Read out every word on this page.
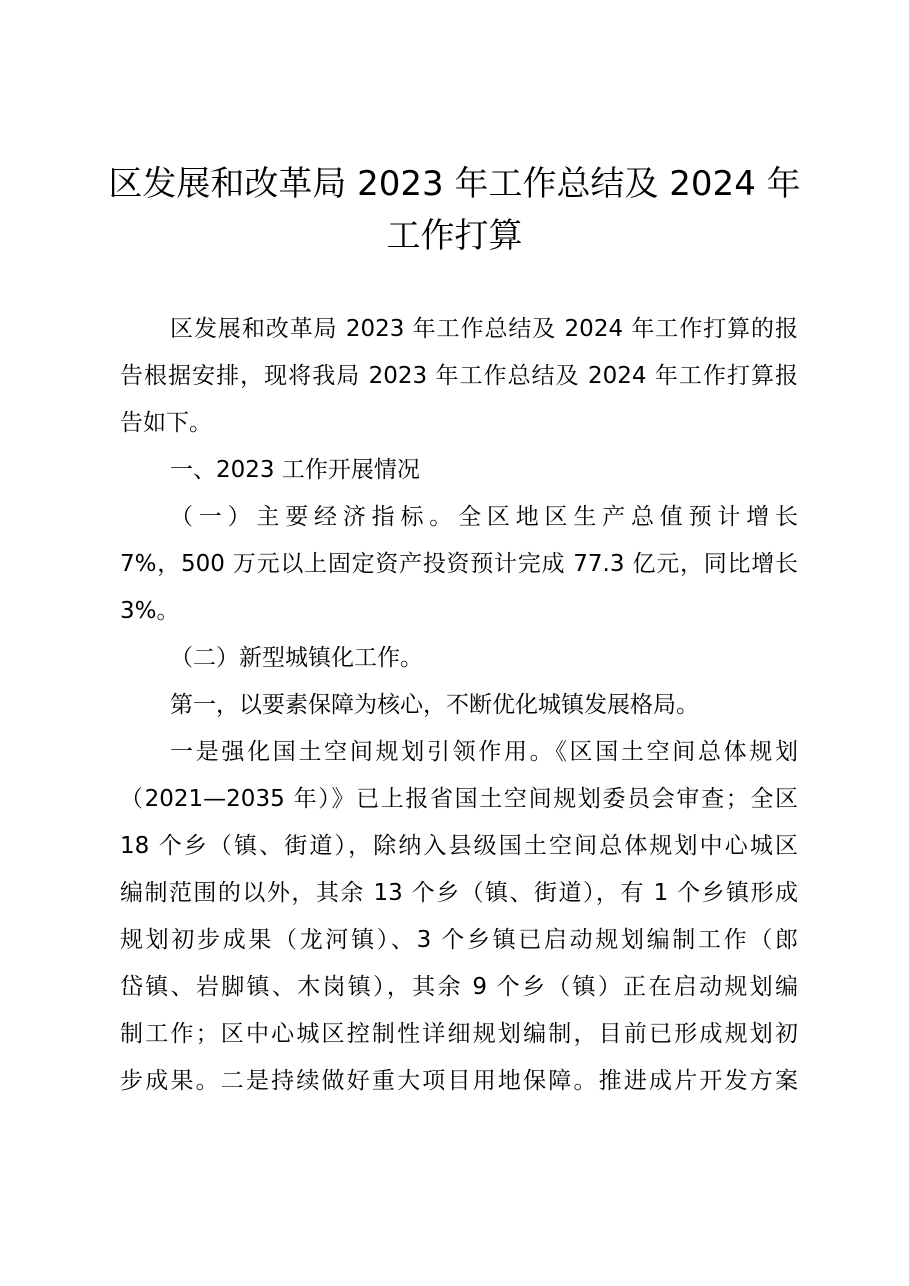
区发展和改革局 2023 年工作总结及 2024 年
工作打算
区发展和改革局 2023 年工作总结及 2024 年工作打算的报
告根据安排，现将我局 2023 年工作总结及 2024 年工作打算报
告如下。
一、2023 工作开展情况
（一）主要经济指标。全区地区生产总值预计增长
7%，500 万元以上固定资产投资预计完成 77.3 亿元，同比增长
3%。
（二）新型城镇化工作。
第一，以要素保障为核心，不断优化城镇发展格局。
一是强化国土空间规划引领作用。《区国土空间总体规划
（2021—2035 年）》已上报省国土空间规划委员会审查；全区
18 个乡（镇、街道），除纳入县级国土空间总体规划中心城区
编制范围的以外，其余 13 个乡（镇、街道），有 1 个乡镇形成
规划初步成果（龙河镇）、3 个乡镇已启动规划编制工作（郎
岱镇、岩脚镇、木岗镇），其余 9 个乡（镇）正在启动规划编
制工作；区中心城区控制性详细规划编制，目前已形成规划初
步成果。二是持续做好重大项目用地保障。推进成片开发方案
